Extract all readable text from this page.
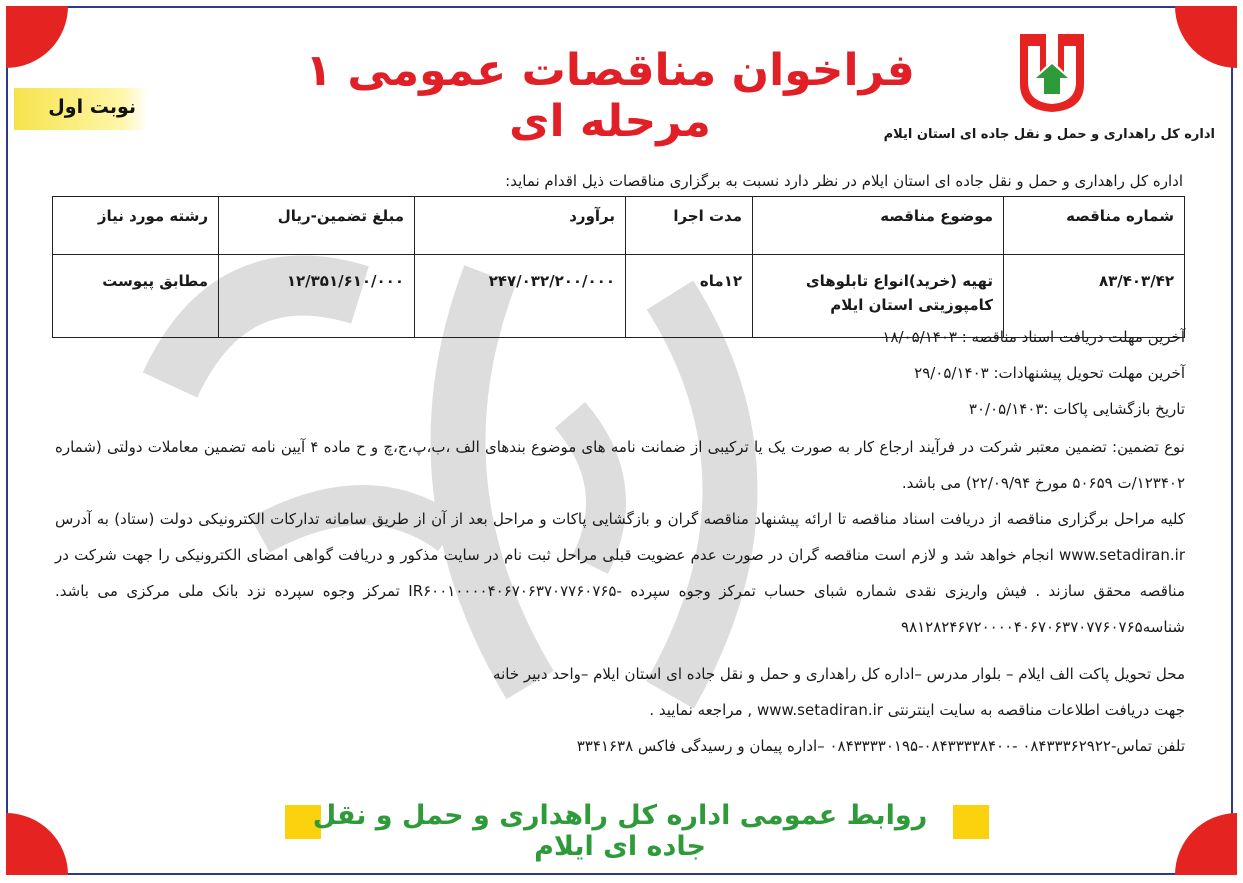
فراخوان مناقصات عمومی ۱ مرحله ای
نوبت اول
اداره کل راهداری و حمل و نقل جاده ای استان ایلام
اداره کل راهداری و حمل و نقل جاده ای استان ایلام در نظر دارد نسبت به برگزاری مناقصات ذیل اقدام نماید:
شماره مناقصه	موضوع مناقصه	مدت اجرا	برآورد	مبلغ تضمین-ریال	رشته مورد نیاز
۸۳/۴۰۳/۴۲	تهیه (خرید)انواع تابلوهای کامپوزیتی استان ایلام	۱۲ماه	۲۴۷/۰۳۲/۲۰۰/۰۰۰	۱۲/۳۵۱/۶۱۰/۰۰۰	مطابق پیوست
آخرین مهلت دریافت اسناد مناقصه : ۱۸/۰۵/۱۴۰۳
آخرین مهلت تحویل پیشنهادات: ۲۹/۰۵/۱۴۰۳
تاریخ بازگشایی پاکات :۳۰/۰۵/۱۴۰۳
نوع تضمین: تضمین معتبر شرکت در فرآیند ارجاع کار به صورت یک یا ترکیبی از ضمانت نامه های موضوع بندهای الف ،ب،پ،ج،چ و ح ماده ۴ آیین نامه تضمین معاملات دولتی (شماره ۱۲۳۴۰۲/ت ۵۰۶۵۹ مورخ ۲۲/۰۹/۹۴) می باشد.
کلیه مراحل برگزاری مناقصه از دریافت اسناد مناقصه تا ارائه پیشنهاد مناقصه گران و بازگشایی پاکات و مراحل بعد از آن از طریق سامانه تدارکات الکترونیکی دولت (ستاد) به آدرس www.setadiran.ir انجام خواهد شد و لازم است مناقصه گران در صورت عدم عضویت قبلی مراحل ثبت نام در سایت مذکور و دریافت گواهی امضای الکترونیکی را جهت شرکت در مناقصه محقق سازند . فیش واریزی نقدی شماره شبای حساب تمرکز وجوه سپرده -IR۶۰۰۱۰۰۰۰۴۰۶۷۰۶۳۷۰۷۷۶۰۷۶۵ تمرکز وجوه سپرده نزد بانک ملی مرکزی می باشد. شناسه۹۸۱۲۸۲۴۶۷۲۰۰۰۰۴۰۶۷۰۶۳۷۰۷۷۶۰۷۶۵
محل تحویل پاکت الف ایلام – بلوار مدرس –اداره کل راهداری و حمل و نقل جاده ای استان ایلام –واحد دبیر خانه
جهت دریافت اطلاعات مناقصه به سایت اینترنتی www.setadiran.ir , مراجعه نمایید .
تلفن تماس-۰۸۴۳۳۳۶۲۹۲۲ -۰۸۴۳۳۳۳۸۴۰۰-۰۸۴۳۳۳۳۰۱۹۵ –اداره پیمان و رسیدگی فاکس ۳۳۴۱۶۳۸
روابط عمومی اداره کل راهداری و حمل و نقل جاده ای ایلام
